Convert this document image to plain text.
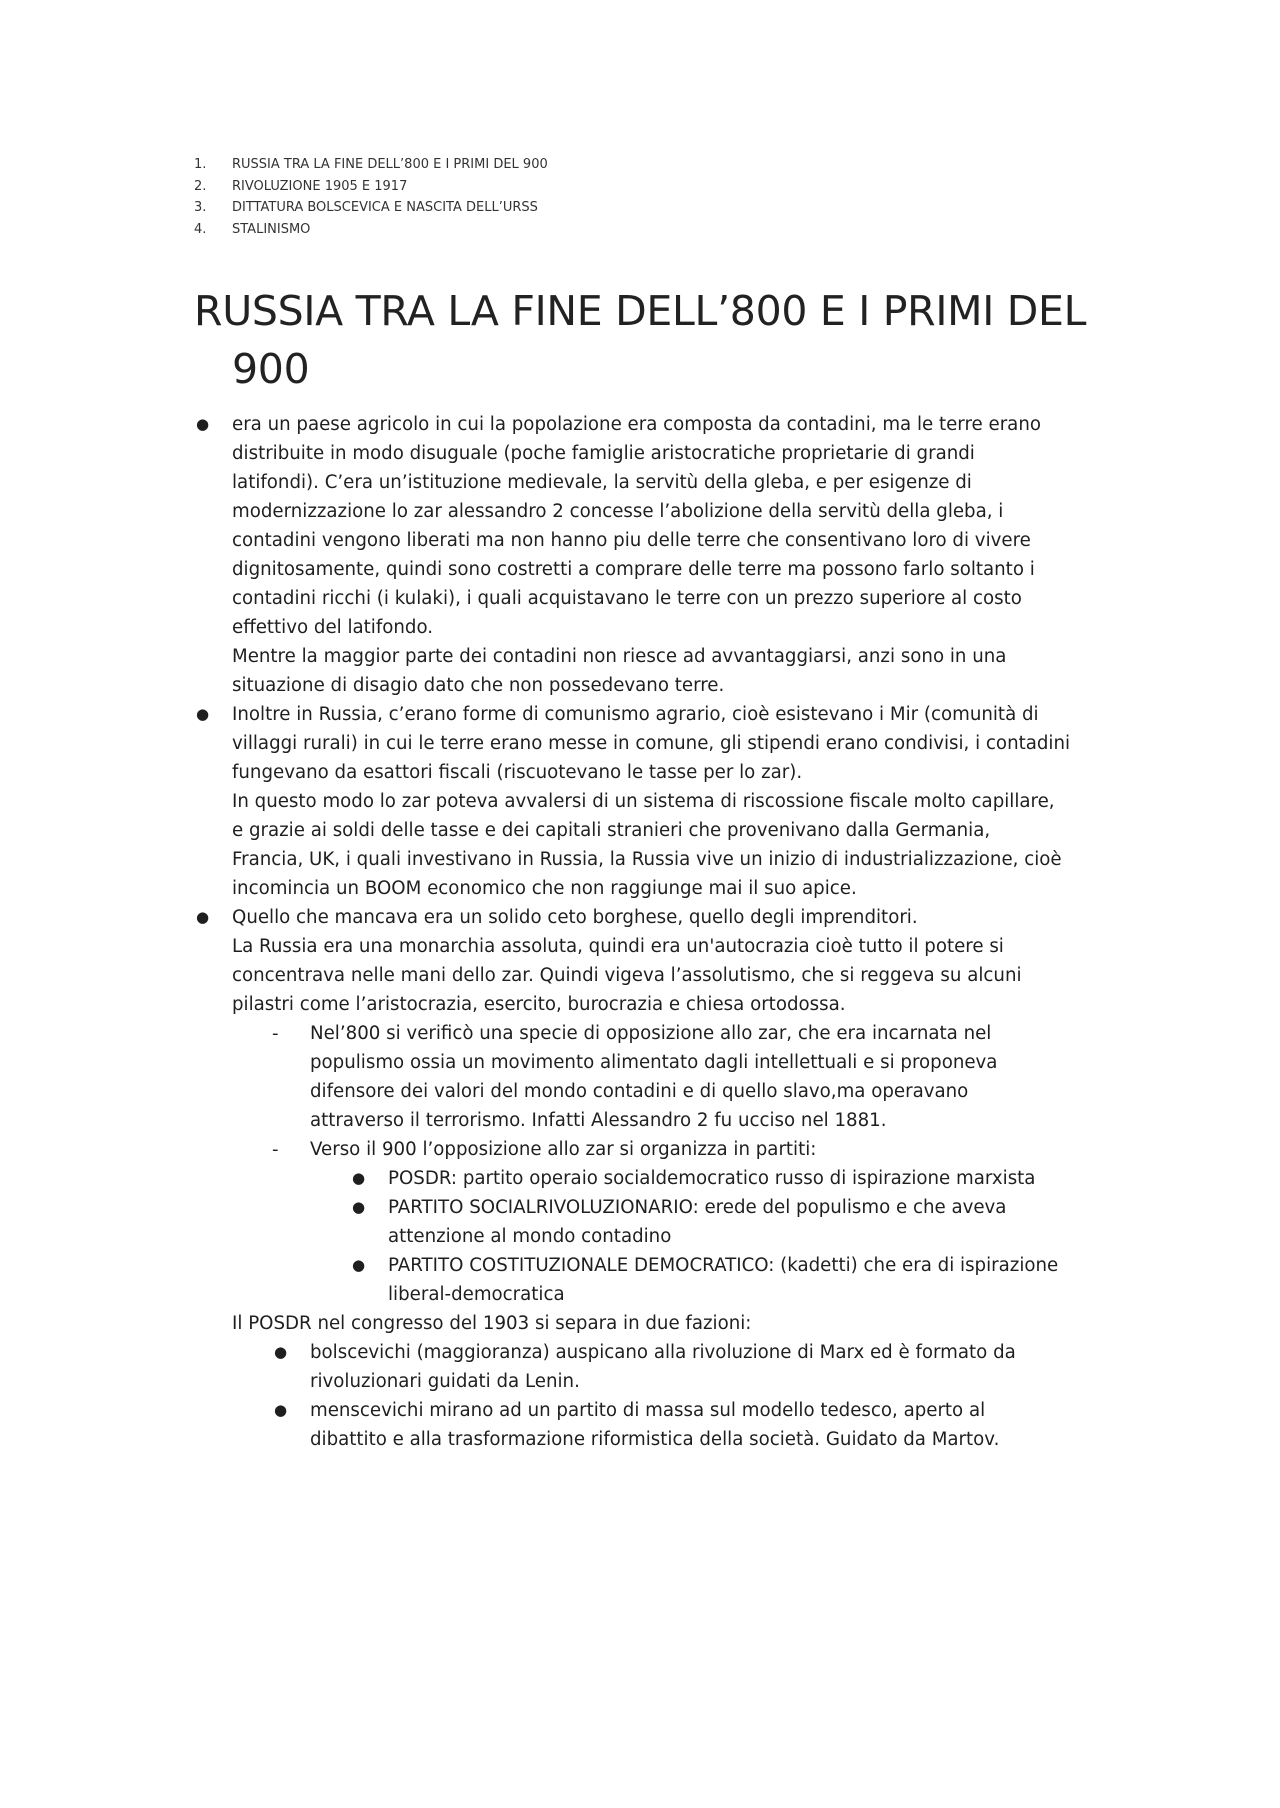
1. RUSSIA TRA LA FINE DELL’800 E I PRIMI DEL 900
2. RIVOLUZIONE 1905 E 1917
3. DITTATURA BOLSCEVICA E NASCITA DELL’URSS
4. STALINISMO
RUSSIA TRA LA FINE DELL’800 E I PRIMI DEL
900
● era un paese agricolo in cui la popolazione era composta da contadini, ma le terre erano
distribuite in modo disuguale (poche famiglie aristocratiche proprietarie di grandi
latifondi). C’era un’istituzione medievale, la servitù della gleba, e per esigenze di
modernizzazione lo zar alessandro 2 concesse l’abolizione della servitù della gleba, i
contadini vengono liberati ma non hanno piu delle terre che consentivano loro di vivere
dignitosamente, quindi sono costretti a comprare delle terre ma possono farlo soltanto i
contadini ricchi (i kulaki), i quali acquistavano le terre con un prezzo superiore al costo
effettivo del latifondo.
Mentre la maggior parte dei contadini non riesce ad avvantaggiarsi, anzi sono in una
situazione di disagio dato che non possedevano terre.
● Inoltre in Russia, c’erano forme di comunismo agrario, cioè esistevano i Mir (comunità di
villaggi rurali) in cui le terre erano messe in comune, gli stipendi erano condivisi, i contadini
fungevano da esattori fiscali (riscuotevano le tasse per lo zar).
In questo modo lo zar poteva avvalersi di un sistema di riscossione fiscale molto capillare,
e grazie ai soldi delle tasse e dei capitali stranieri che provenivano dalla Germania,
Francia, UK, i quali investivano in Russia, la Russia vive un inizio di industrializzazione, cioè
incomincia un BOOM economico che non raggiunge mai il suo apice.
● Quello che mancava era un solido ceto borghese, quello degli imprenditori.
La Russia era una monarchia assoluta, quindi era un'autocrazia cioè tutto il potere si
concentrava nelle mani dello zar. Quindi vigeva l’assolutismo, che si reggeva su alcuni
pilastri come l’aristocrazia, esercito, burocrazia e chiesa ortodossa.
- Nel’800 si verificò una specie di opposizione allo zar, che era incarnata nel
populismo ossia un movimento alimentato dagli intellettuali e si proponeva
difensore dei valori del mondo contadini e di quello slavo,ma operavano
attraverso il terrorismo. Infatti Alessandro 2 fu ucciso nel 1881.
- Verso il 900 l’opposizione allo zar si organizza in partiti:
● POSDR: partito operaio socialdemocratico russo di ispirazione marxista
● PARTITO SOCIALRIVOLUZIONARIO: erede del populismo e che aveva
attenzione al mondo contadino
● PARTITO COSTITUZIONALE DEMOCRATICO: (kadetti) che era di ispirazione
liberal-democratica
Il POSDR nel congresso del 1903 si separa in due fazioni:
● bolscevichi (maggioranza) auspicano alla rivoluzione di Marx ed è formato da
rivoluzionari guidati da Lenin.
● menscevichi mirano ad un partito di massa sul modello tedesco, aperto al
dibattito e alla trasformazione riformistica della società. Guidato da Martov.
